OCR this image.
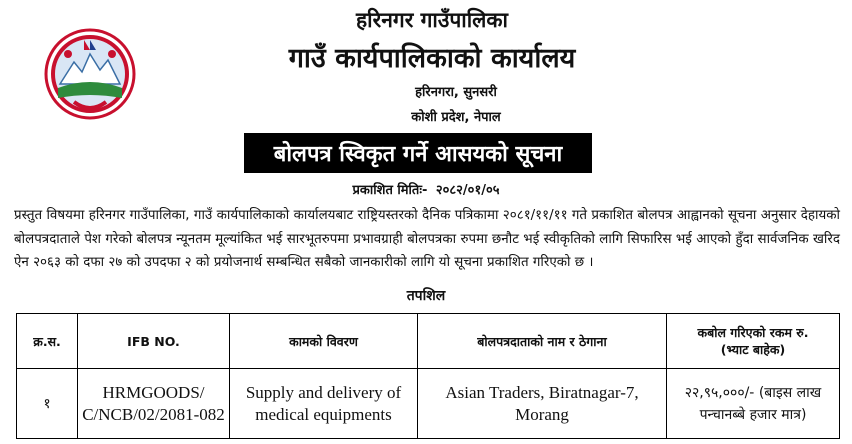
हरिनगर गाउँपालिका
गाउँ कार्यपालिकाको कार्यालय
हरिनगरा, सुनसरी
कोशी प्रदेश, नेपाल
बोलपत्र स्विकृत गर्ने आसयको सूचना
प्रकाशित मितिः- २०८२/०१/०५
प्रस्तुत विषयमा हरिनगर गाउँपालिका, गाउँ कार्यपालिकाको कार्यालयबाट राष्ट्रियस्तरको दैनिक पत्रिकामा २०८१/११/११ गते प्रकाशित बोलपत्र आह्वानको सूचना अनुसार देहायको बोलपत्रदाताले पेश गरेको बोलपत्र न्यूनतम मूल्यांकित भई सारभूतरुपमा प्रभावग्राही बोलपत्रका रुपमा छनौट भई स्वीकृतिको लागि सिफारिस भई आएको हुँदा सार्वजनिक खरिद ऐन २०६३ को दफा २७ को उपदफा २ को प्रयोजनार्थ सम्बन्धित सबैको जानकारीको लागि यो सूचना प्रकाशित गरिएको छ ।
तपशिल
क्र.स.	IFB NO.	कामको विवरण	बोलपत्रदाताको नाम र ठेगाना	कबोल गरिएको रकम रु.
(भ्याट बाहेक)

१	HRMGOODS/ C/NCB/02/2081-082	Supply and delivery of medical equipments	Asian Traders, Biratnagar-7, Morang	२२,९५,०००/- (बाइस लाख पन्चानब्बे हजार मात्र)
